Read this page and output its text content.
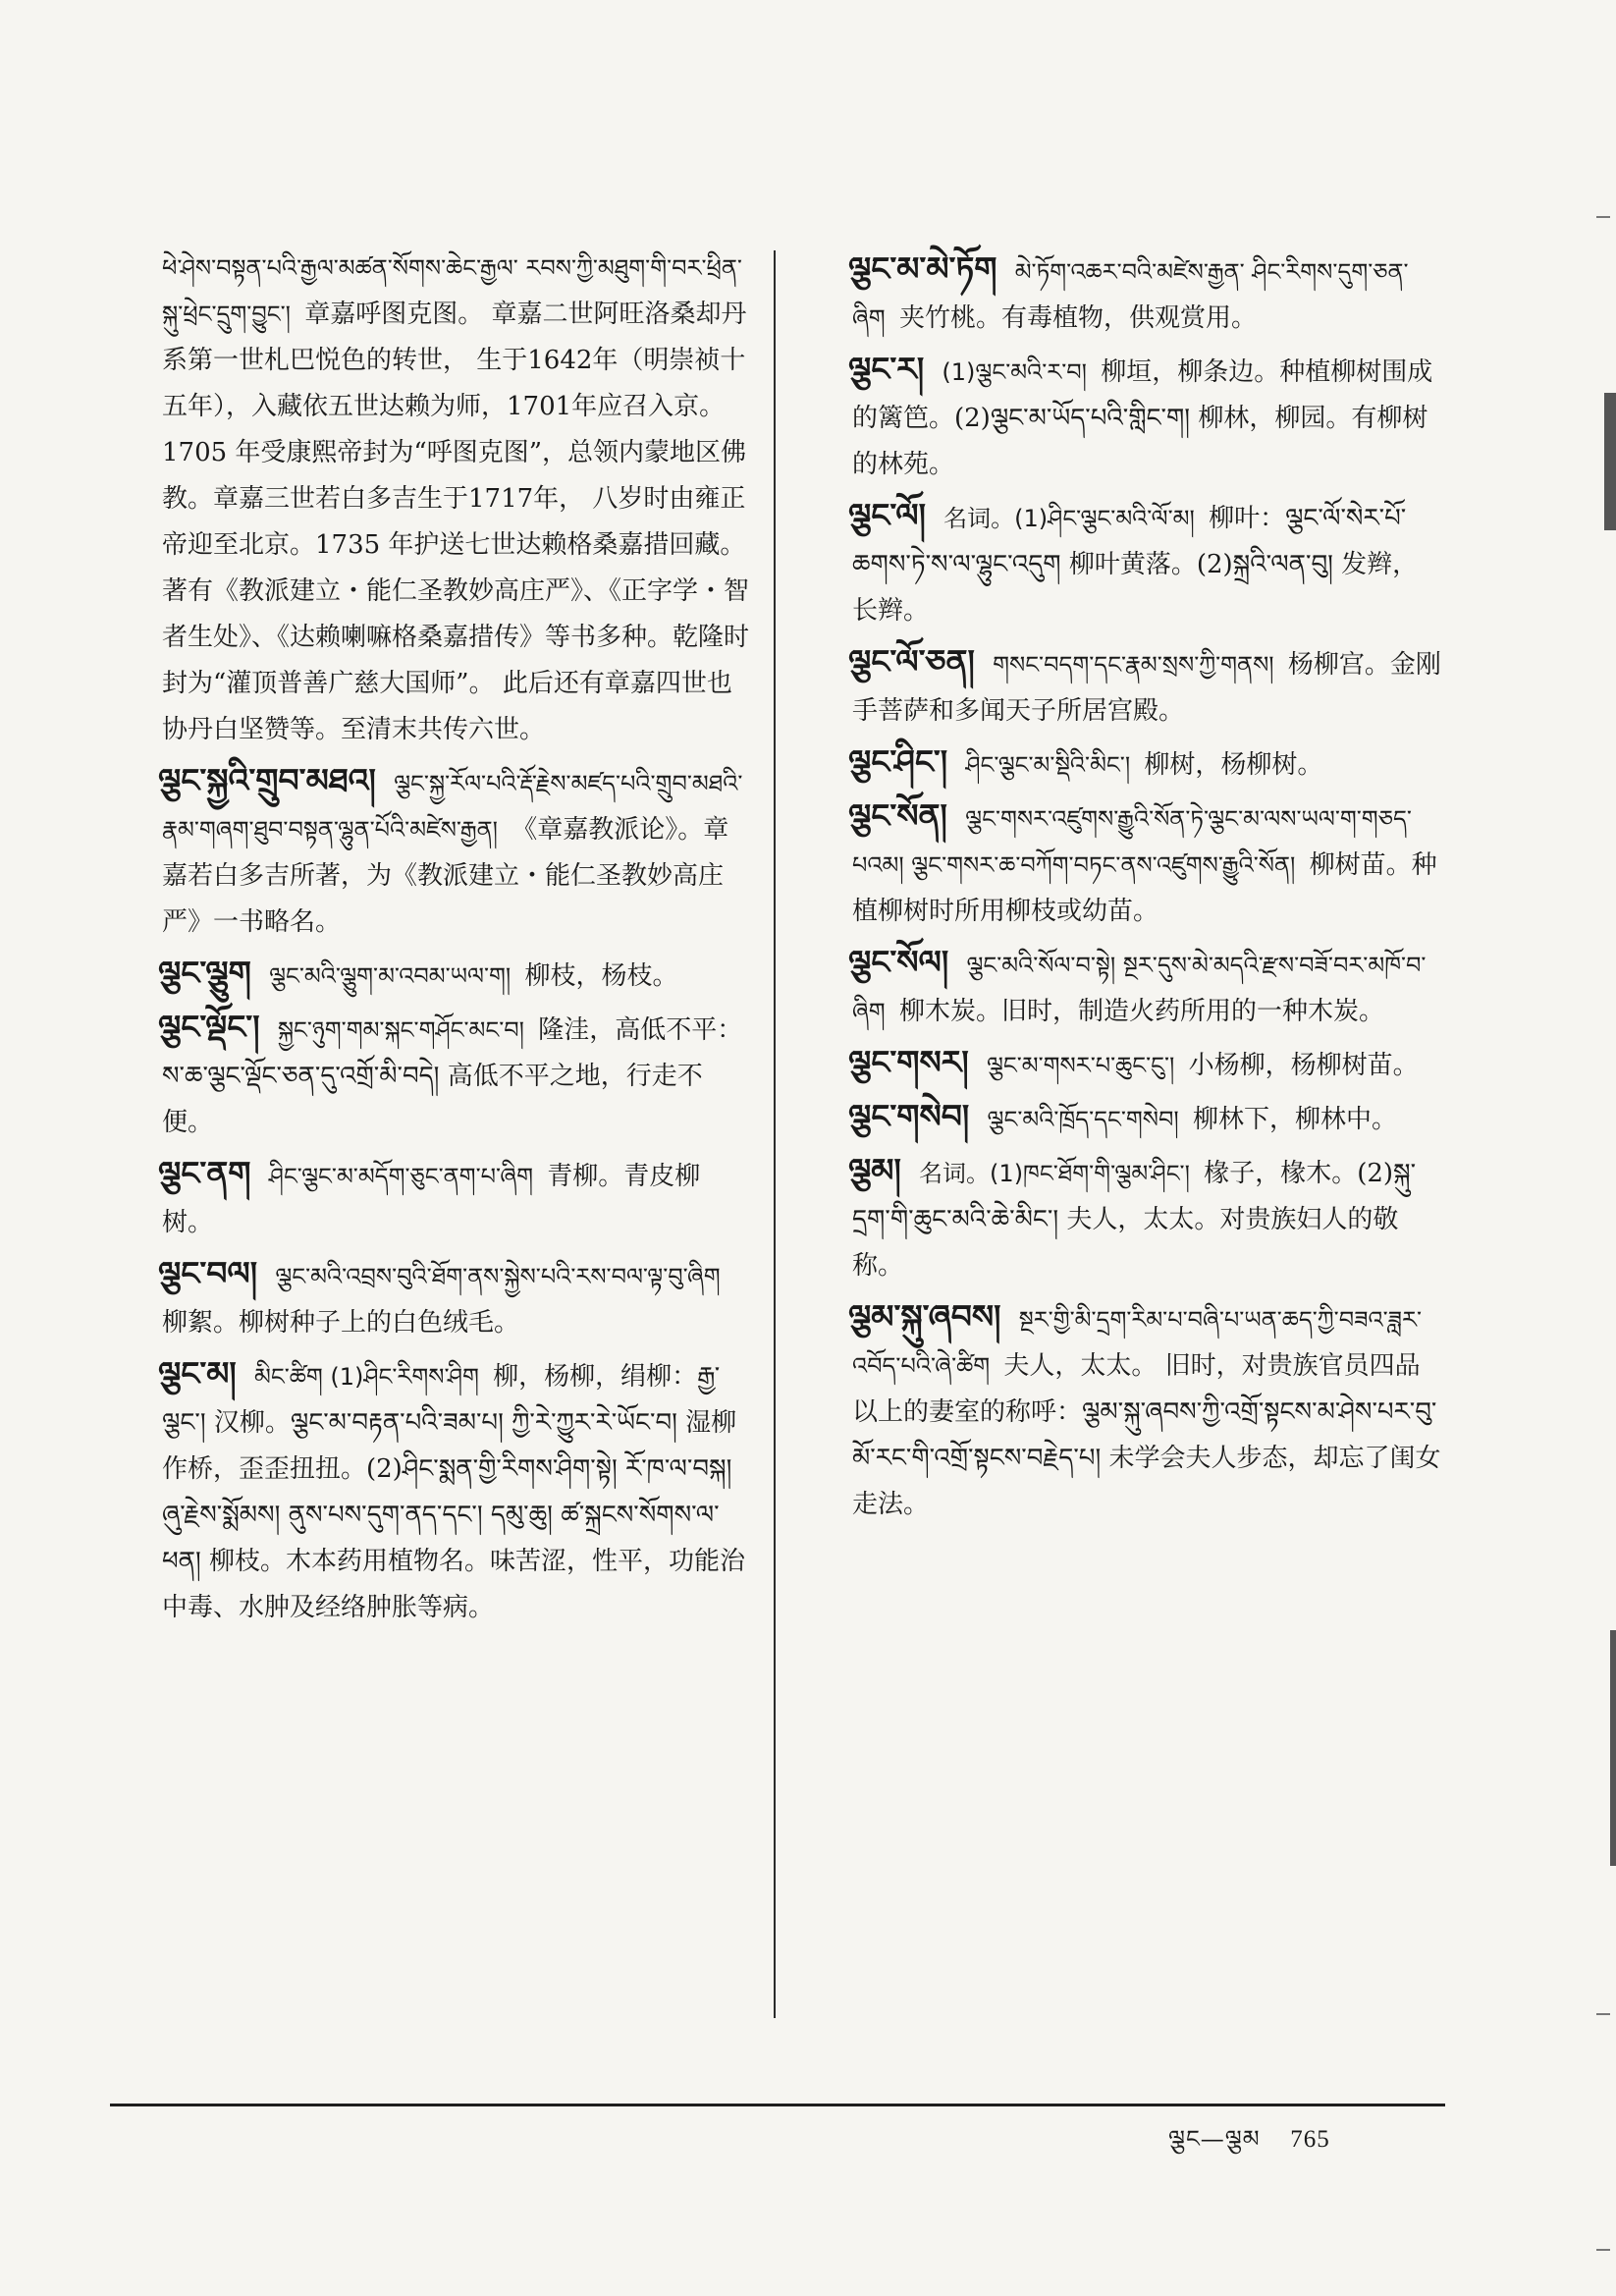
ཕེ་ཤེས་བསྟན་པའི་རྒྱལ་མཚན་སོགས་ཆེང་རྒྱལ་ རབས་ཀྱི་མཐུག་གི་བར་ཕྲིན་སྐུ་ཕྲེང་དྲུག་བྱུང་། 章嘉呼图克图。 章嘉二世阿旺洛桑却丹系第一世札巴悦色的转世， 生于1642年（明崇祯十五年），入藏依五世达赖为师，1701年应召入京。1705 年受康熙帝封为“呼图克图”，总领内蒙地区佛教。章嘉三世若白多吉生于1717年， 八岁时由雍正帝迎至北京。1735 年护送七世达赖格桑嘉措回藏。 著有《教派建立・能仁圣教妙高庄严》、《正字学・智者生处》、《达赖喇嘛格桑嘉措传》等书多种。乾隆时封为“灌顶普善广慈大国师”。 此后还有章嘉四世也协丹白坚赞等。至清末共传六世。
ལྕང་སྐྱའི་གྲུབ་མཐའ། ལྕང་སྐྱ་རོལ་པའི་རྡོ་རྗེས་མཛད་པའི་གྲུབ་མཐའི་རྣམ་གཞག་ཐུབ་བསྟན་ལྷུན་པོའི་མཛེས་རྒྱན། 《章嘉教派论》。章嘉若白多吉所著，为《教派建立・能仁圣教妙高庄严》一书略名。
ལྕང་ལྕུག ལྕང་མའི་ལྕུག་མ་འབམ་ཡལ་ག། 柳枝，杨枝。
ལྕང་ལྡོང་། སྐྱང་ཉུག་གམ་སྐང་གཤོང་མང་བ། 隆洼，高低不平：ས་ཆ་ལྕང་ལྡོང་ཅན་དུ་འགྲོ་མི་བདེ། 高低不平之地，行走不便。
ལྕང་ནག ཤིང་ལྕང་མ་མདོག་ཅུང་ནག་པ་ཞིག 青柳。青皮柳树。
ལྕང་བལ། ལྕང་མའི་འབྲས་བུའི་ཐོག་ནས་སྐྱེས་པའི་རས་བལ་ལྟ་བུ་ཞིག 柳絮。柳树种子上的白色绒毛。
ལྕང་མ། མིང་ཚིག (1)ཤིང་རིགས་ཤིག 柳，杨柳，绢柳：རྒྱ་ལྕང་། 汉柳。ལྕང་མ་བརྟན་པའི་ཟམ་པ། ཀྱི་རེ་ཀྱུར་རེ་ཡོང་བ། 湿柳作桥，歪歪扭扭。(2)ཤིང་སྨན་གྱི་རིགས་ཤིག་སྟེ། རོ་ཁ་ལ་བསྐ། ཞུ་རྗེས་སྨོམས། ནུས་པས་དུག་ནད་དང་། དམུ་ཆུ། ཚ་སྐྲངས་སོགས་ལ་ཕན། 柳枝。木本药用植物名。味苦涩，性平，功能治中毒、水肿及经络肿胀等病。
ལྕང་མ་མེ་ཏོག མེ་ཏོག་འཆར་བའི་མཛེས་རྒྱན་ ཤིང་རིགས་དུག་ཅན་ཞིག 夹竹桃。有毒植物，供观赏用。
ལྕང་ར། (1)ལྕང་མའི་ར་བ། 柳垣，柳条边。种植柳树围成的篱笆。(2)ལྕང་མ་ཡོད་པའི་གླིང་ག། 柳林，柳园。有柳树的林苑。
ལྕང་ལོ། 名词。(1)ཤིང་ལྕང་མའི་ལོ་མ། 柳叶：ལྕང་ལོ་སེར་པོ་ཆགས་ཏེ་ས་ལ་ལྷུང་འདུག 柳叶黄落。(2)སྐྲའི་ལན་བུ། 发辫，长辫。
ལྕང་ལོ་ཅན། གསང་བདག་དང་རྣམ་སྲས་ཀྱི་གནས། 杨柳宫。金刚手菩萨和多闻天子所居宫殿。
ལྕང་ཤིང་། ཤིང་ལྕང་མ་སྡིའི་མིང་། 柳树，杨柳树。
ལྕང་སོན། ལྕང་གསར་འཛུགས་རྒྱུའི་སོན་ཏེ་ལྕང་མ་ལས་ཡལ་ག་གཅད་པའམ། ལྕང་གསར་ཆ་བཀོག་བཏང་ནས་འཛུགས་རྒྱུའི་སོན། 柳树苗。种植柳树时所用柳枝或幼苗。
ལྕང་སོལ། ལྕང་མའི་སོལ་བ་སྟེ། སྔར་དུས་མེ་མདའི་རྫས་བཟོ་བར་མཁོ་བ་ཞིག 柳木炭。旧时，制造火药所用的一种木炭。
ལྕང་གསར། ལྕང་མ་གསར་པ་ཆུང་ངུ་། 小杨柳，杨柳树苗。
ལྕང་གསེབ། ལྕང་མའི་ཁྲོད་དང་གསེབ། 柳林下，柳林中。
ལྕམ། 名词。(1)ཁང་ཐོག་གི་ལྕམ་ཤིང་། 椽子，椽木。(2)སྐུ་དྲག་གི་ཆུང་མའི་ཆེ་མིང་། 夫人，太太。对贵族妇人的敬称。
ལྕམ་སྐུ་ཞབས། སྔར་གྱི་མི་དྲག་རིམ་པ་བཞི་པ་ཡན་ཆད་ཀྱི་བཟའ་ཟླར་འབོད་པའི་ཞེ་ཚིག 夫人，太太。 旧时，对贵族官员四品以上的妻室的称呼：ལྕམ་སྐུ་ཞབས་ཀྱི་འགྲོ་སྟངས་མ་ཤེས་པར་བུ་མོ་རང་གི་འགྲོ་སྟངས་བརྗེད་པ། 未学会夫人步态，却忘了闺女走法。
ལྕང—ལྕམ 765
